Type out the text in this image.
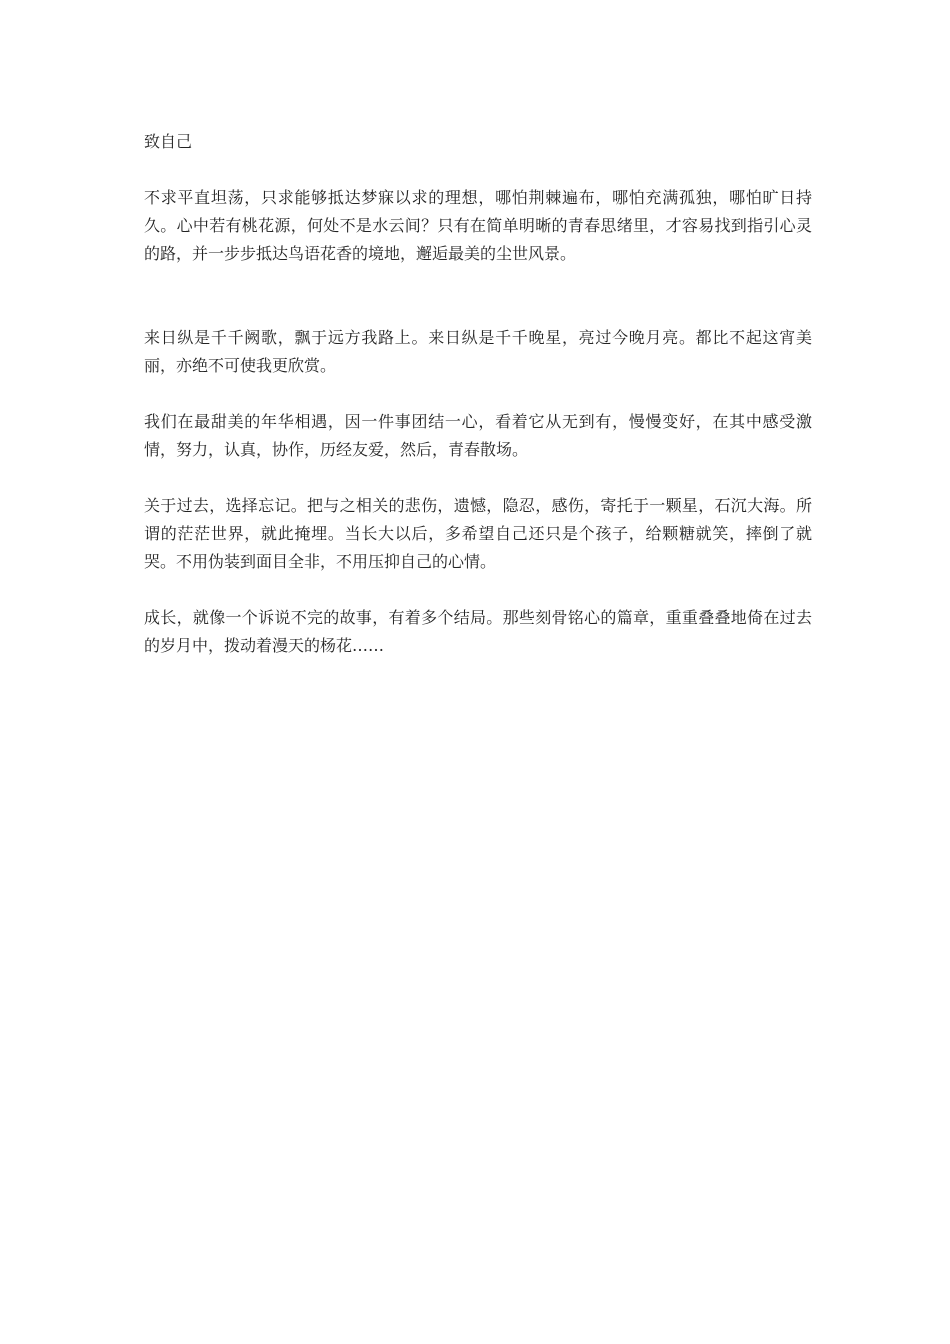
致自己

不求平直坦荡，只求能够抵达梦寐以求的理想，哪怕荆棘遍布，哪怕充满孤独，哪怕旷日持久。心中若有桃花源，何处不是水云间？只有在简单明晰的青春思绪里，才容易找到指引心灵的路，并一步步抵达鸟语花香的境地，邂逅最美的尘世风景。

来日纵是千千阙歌，飘于远方我路上。来日纵是千千晚星，亮过今晚月亮。都比不起这宵美丽，亦绝不可使我更欣赏。

我们在最甜美的年华相遇，因一件事团结一心，看着它从无到有，慢慢变好，在其中感受激情，努力，认真，协作，历经友爱，然后，青春散场。

关于过去，选择忘记。把与之相关的悲伤，遗憾，隐忍，感伤，寄托于一颗星，石沉大海。所谓的茫茫世界，就此掩埋。当长大以后，多希望自己还只是个孩子，给颗糖就笑，摔倒了就哭。不用伪装到面目全非，不用压抑自己的心情。

成长，就像一个诉说不完的故事，有着多个结局。那些刻骨铭心的篇章，重重叠叠地倚在过去的岁月中，拨动着漫天的杨花……
